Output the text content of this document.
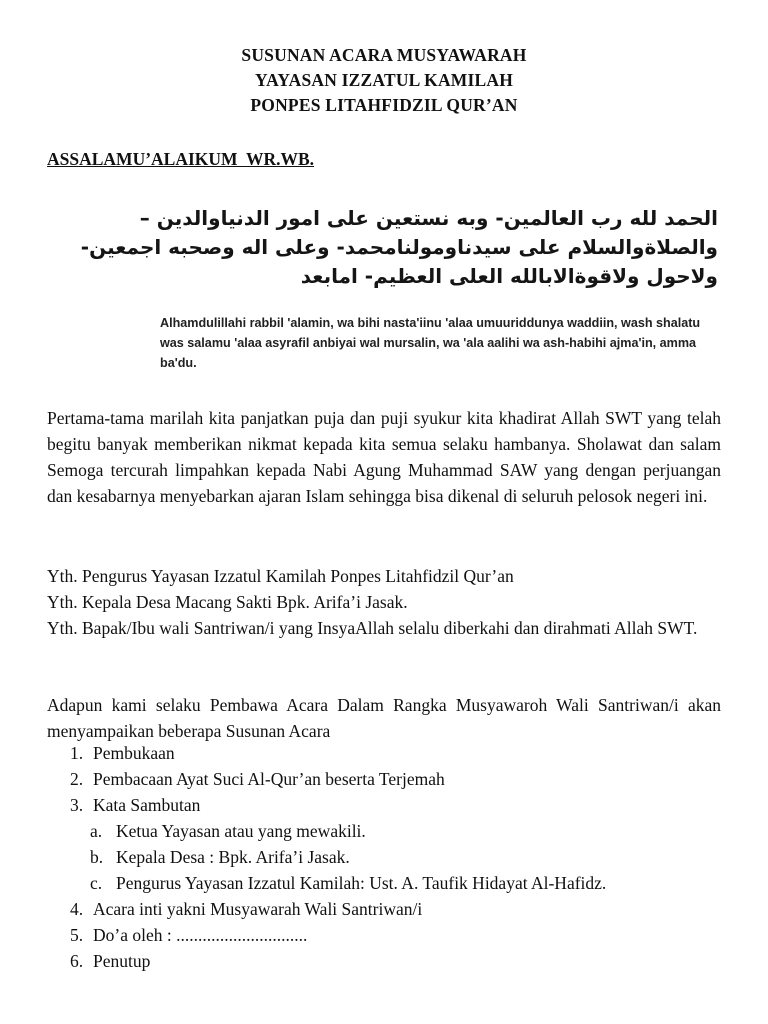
SUSUNAN ACARA MUSYAWARAH
YAYASAN IZZATUL KAMILAH
PONPES LITAHFIDZIL QUR’AN
ASSALAMU’ALAIKUM  WR.WB.
الحمد لله رب العالمين- وبه نستعين على امور الدنياوالدين –
والصلاةوالسلام على سيدناومولنامحمد- وعلى اله وصحبه اجمعين-
ولاحول ولاقوةالابالله العلى العظيم- امابعد
Alhamdulillahi rabbil 'alamin, wa bihi nasta'iinu 'alaa umuuriddunya waddiin, wash shalatu was salamu 'alaa asyrafil anbiyai wal mursalin, wa 'ala aalihi wa ash-habihi ajma'in, amma ba'du.
Pertama-tama marilah kita panjatkan puja dan puji syukur kita khadirat Allah SWT yang telah begitu banyak memberikan nikmat kepada kita semua selaku hambanya. Sholawat dan salam Semoga tercurah limpahkan kepada Nabi Agung Muhammad SAW yang dengan perjuangan dan kesabarnya menyebarkan ajaran Islam sehingga bisa dikenal di seluruh pelosok negeri ini.
Yth. Pengurus Yayasan Izzatul Kamilah Ponpes Litahfidzil Qur’an
Yth. Kepala Desa Macang Sakti Bpk. Arifa’i Jasak.
Yth. Bapak/Ibu wali Santriwan/i yang InsyaAllah selalu diberkahi dan dirahmati Allah SWT.
Adapun kami selaku Pembawa Acara Dalam Rangka Musyawaroh Wali Santriwan/i akan menyampaikan beberapa Susunan Acara
1. Pembukaan
2. Pembacaan Ayat Suci Al-Qur’an beserta Terjemah
3. Kata Sambutan
a. Ketua Yayasan atau yang mewakili.
b. Kepala Desa : Bpk. Arifa’i Jasak.
c. Pengurus Yayasan Izzatul Kamilah: Ust. A. Taufik Hidayat Al-Hafidz.
4. Acara inti yakni Musyawarah Wali Santriwan/i
5. Do’a oleh : ..............................
6. Penutup
